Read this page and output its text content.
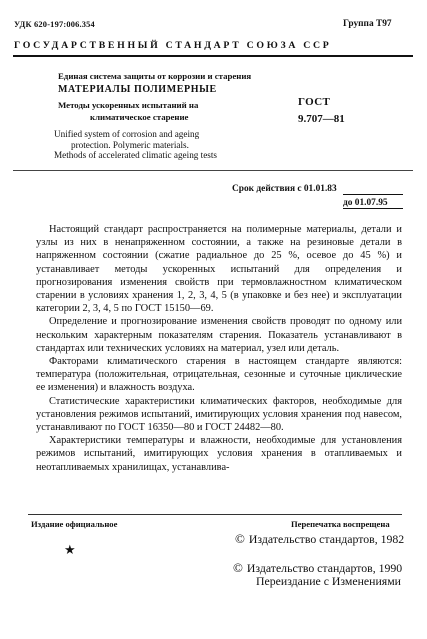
УДК 620-197:006.354	Группа Т97
ГОСУДАРСТВЕННЫЙ СТАНДАРТ СОЮЗА ССР
Единая система защиты от коррозии и старения
МАТЕРИАЛЫ ПОЛИМЕРНЫЕ
Методы ускоренных испытаний на
климатическое старение
ГОСТ
9.707—81
Unified system of corrosion and ageing
protection. Polymeric materials.
Methods of accelerated climatic ageing tests
Срок действия с 01.01.83
до 01.07.95

Настоящий стандарт распространяется на полимерные материалы, детали и узлы из них в ненапряженном состоянии, а также на резиновые детали в напряженном состоянии (сжатие радиальное до 25 %, осевое до 45 %) и устанавливает методы ускоренных испытаний для определения и прогнозирования изменения свойств при термовлажностном климатическом старении в условиях хранения 1, 2, 3, 4, 5 (в упаковке и без нее) и эксплуатации категории 2, 3, 4, 5 по ГОСТ 15150—69.

Определение и прогнозирование изменения свойств проводят по одному или нескольким характерным показателям старения. Показатель устанавливают в стандартах или технических условиях на материал, узел или деталь.

Факторами климатического старения в настоящем стандарте являются: температура (положительная, отрицательная, сезонные и суточные циклические ее изменения) и влажность воздуха.

Статистические характеристики климатических факторов, необходимые для установления режимов испытаний, имитирующих условия хранения под навесом, устанавливают по ГОСТ 16350—80 и ГОСТ 24482—80.

Характеристики температуры и влажности, необходимые для установления режимов испытаний, имитирующих условия хранения в отапливаемых и неотапливаемых хранилищах, устанавлива-

Издание официальное	Перепечатка воспрещена
★
© Издательство стандартов, 1982
© Издательство стандартов, 1990
Переиздание с Изменениями
